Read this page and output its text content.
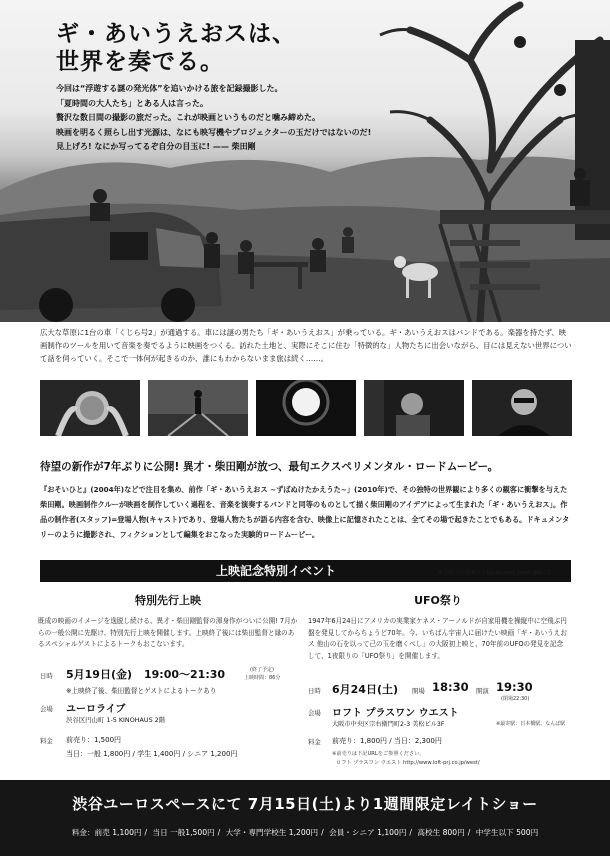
ギ・あいうえおスは、
世界を奏でる。

今回は“浮遊する謎の発光体”を追いかける旅を記録撮影した。

「夏時間の大人たち」とある人は言った。

贅沢な数日間の撮影の旅だった。これが映画というものだと噛み締めた。

映画を明るく照らし出す光源は、なにも映写機やプロジェクターの玉だけではないのだ!

見上げろ! なにか写ってるぞ自分の目玉に! —— 柴田剛

広大な草原に1台の車「くじら号2」が通過する。車には謎の男たち「ギ・あいうえおス」が乗っている。ギ・あいうえおスはバンドである。楽器を持たず、映画制作のツールを用いて音楽を奏でるように映画をつくる。訪れた土地と、実際にそこに住む「特徴的な」人物たちに出会いながら、目には見えない世界について話を伺っていく。そこで一体何が起きるのか、誰にもわからないまま旅は続く……。

待望の新作が7年ぶりに公開! 異才・柴田剛が放つ、最旬エクスペリメンタル・ロードムービー。

『おそいひと』(2004年)などで注目を集め、前作「ギ・あいうえおス ~ずばぬけたかえうた~」(2010年)で、その独特の世界観により多くの観客に衝撃を与えた柴田剛。映画制作クルーが映画を制作していく過程を、音楽を演奏するバンドと同等のものとして描く柴田剛のアイデアによって生まれた「ギ・あいうえおス」。作品の制作者(スタッフ)=登場人物(キャスト)であり、登場人物たちが語る内容を含む、映像上に記憶されたことは、全てその場で起きたことでもある。ドキュメンタリーのように撮影され、フィクションとして編集をおこなった実験的ロードムービー。

上映記念特別イベント	※詳細は公式サイト(guiaiueos.ycam.jp)にて
特別先行上映

既成の映画のイメージを逸脱し続ける、異才・柴田剛監督の渾身作がついに公開! 7月からの一般公開に先駆け、特別先行上映を開催します。上映終了後には柴田監督と縁のあるスペシャルゲストによるトークもおこないます。

日時 5月19日(金) 19:00～21:30	(終了予定)
上映時間：86分
※上映終了後、柴田監督とゲストによるトークあり
会場 ユーロライブ
渋谷区円山町 1-5 KINOHAUS 2階
料金 前売り：1,500円
当日：一般 1,800円 / 学生 1,400円 / シニア 1,200円
UFO祭り

1947年6月24日にアメリカの実業家ケネス・アーノルドが自家用機を操縦中に空飛ぶ円盤を発見してからちょうど70年。今、いちばん宇宙人に届けたい映画「ギ・あいうえおス 他山の石を以って己の玉を磨くべし」の大阪初上映と、70年前のUFOの発見を記念して、1夜限りの「UFO祭り」を開催します。

日時 6月24日(土) 開場 18:30 開演 19:30
(閉場22:30)
会場 ロフト プラスワン ウエスト
大阪市中央区宗右衛門町2-3 美松ビル3F	※最寄駅：日本橋駅、なんば駅
料金 前売り：1,800円 / 当日：2,300円
※前売りは下記URLをご参照ください。
ロフト プラスワン ウエスト http://www.loft-prj.co.jp/west/
渋谷ユーロスペースにて 7月15日(土)より1週間限定レイトショー
料金：前売 1,100円 / 当日 一般1,500円 / 大学・専門学校生 1,200円 / 会員・シニア 1,100円 / 高校生 800円 / 中学生以下 500円
